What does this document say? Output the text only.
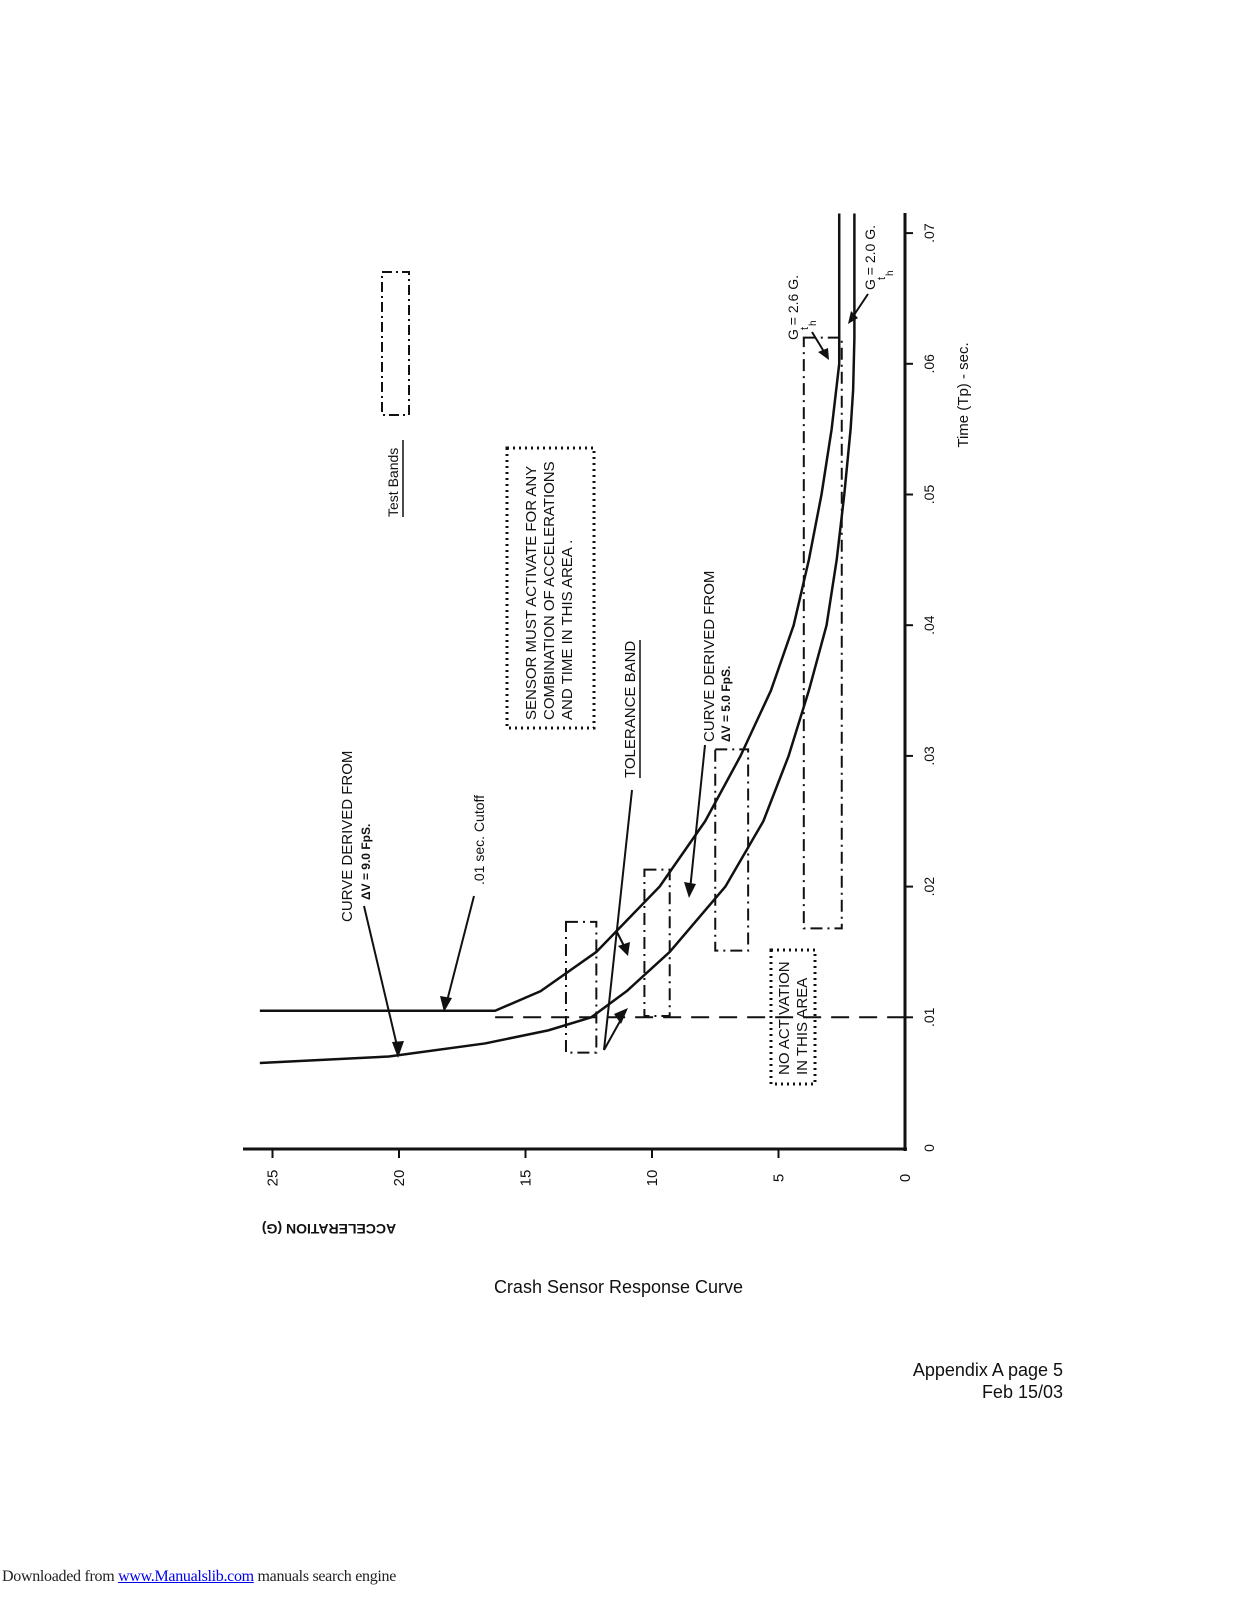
0
.01
.02
.03
.04
.05
.06
.07
0
5
10
15
20
25
Time (Tp) - sec.
ACCELERATION (G)
CURVE DERIVED FROM ΔV = 9.0 FpS.	.01 sec. Cutoff
SENSOR MUST ACTIVATE FOR ANY COMBINATION OF ACCELERATIONS AND TIME IN THIS AREA .
Test Bands
TOLERANCE BAND	CURVE DERIVED FROM ΔV = 5.0 FpS.
NO ACTIVATION IN THIS AREA
G = 2.6 G.
t
h
G = 2.0 G.
t
h
Crash Sensor Response Curve
Appendix A page 5
Feb 15/03
Downloaded from www.Manualslib.com manuals search engine
